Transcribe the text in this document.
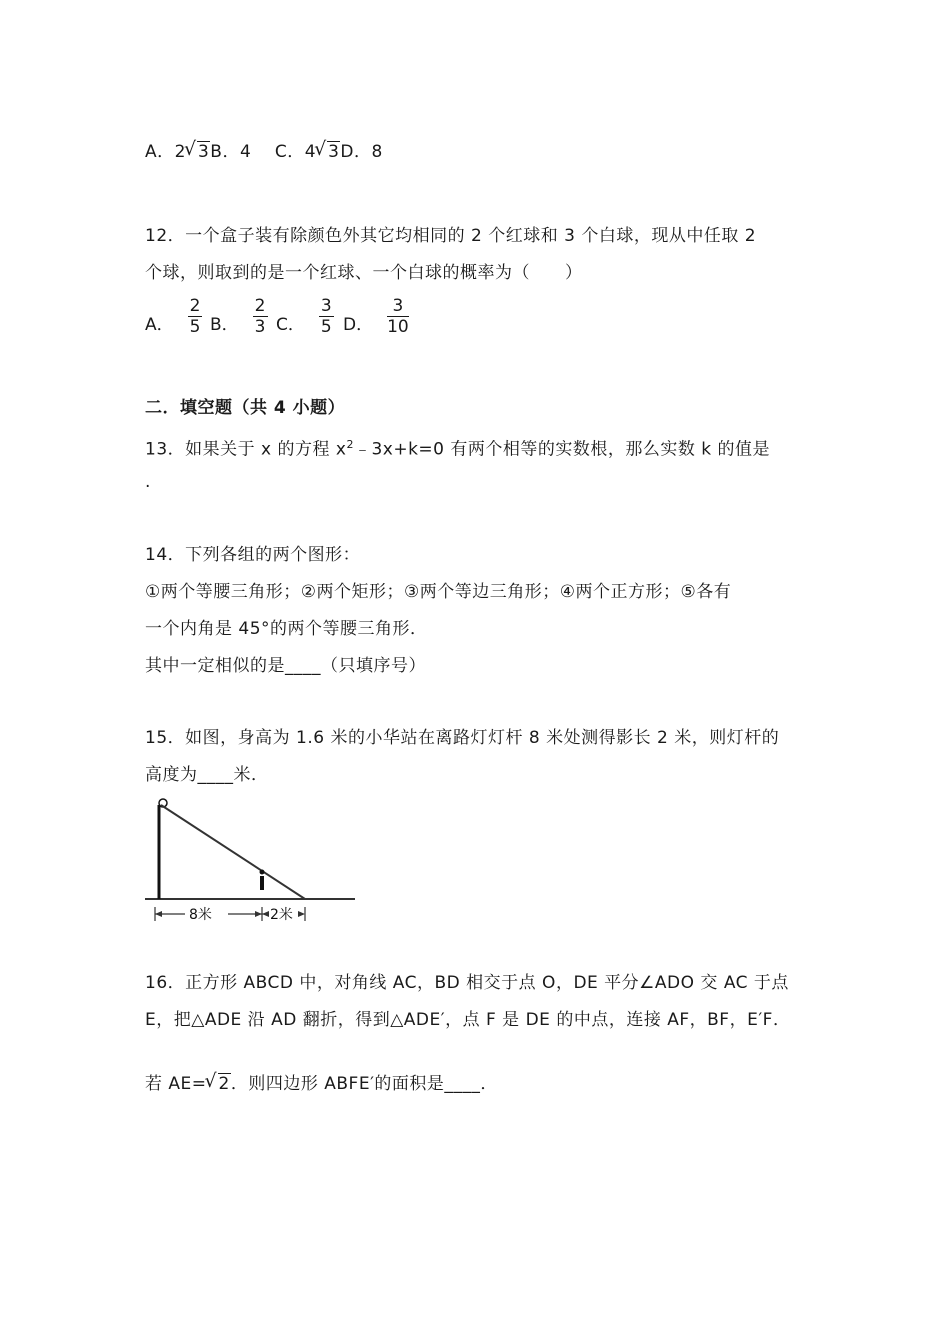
A．2 √ 3B．4 C．4 √ 3D．8
12．一个盒子装有除颜色外其它均相同的 2 个红球和 3 个白球，现从中任取 2
个球，则取到的是一个红球、一个白球的概率为（　　）
A． $\frac{2}{5}$ B． $\frac{2}{3}$ C． $\frac{3}{5}$ D． $\frac{3}{10}$
二．填空题（共 4 小题）
13．如果关于 x 的方程 $x^2﹣3x+k=0$ 有两个相等的实数根，那么实数 k 的值是
.
14．下列各组的两个图形：
①两个等腰三角形；②两个矩形；③两个等边三角形；④两个正方形；⑤各有
一个内角是 45°的两个等腰三角形．
其中一定相似的是____（只填序号）
15．如图，身高为 1.6 米的小华站在离路灯灯杆 8 米处测得影长 2 米，则灯杆的
高度为____米．
8米	2米
16．正方形 ABCD 中，对角线 AC，BD 相交于点 O，DE 平分∠ADO 交 AC 于点
E，把△ADE 沿 AD 翻折，得到△ADE′，点 F 是 DE 的中点，连接 AF，BF，E′F．
若 AE= √ 2．则四边形 ABFE′的面积是____．
